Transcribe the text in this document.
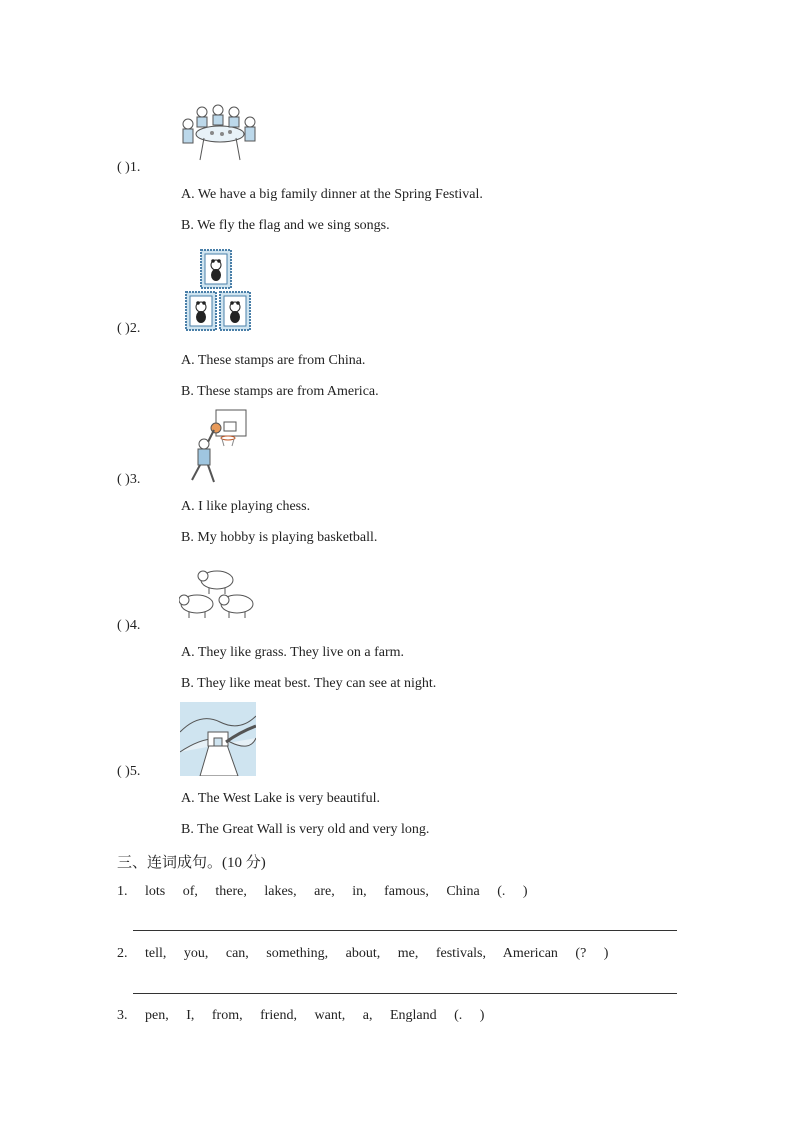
( )1.
A. We have a big family dinner at the Spring Festival.
B. We fly the flag and we sing songs.
( )2.
A. These stamps are from China.
B. These stamps are from America.
( )3.
A. I like playing chess.
B. My hobby is playing basketball.
( )4.
A. They like grass. They live on a farm.
B. They like meat best. They can see at night.
( )5.
A. The West Lake is very beautiful.
B. The Great Wall is very old and very long.
三、连词成句。(10 分)
1. lots of, there, lakes, are, in, famous, China (. )
2. tell, you, can, something, about, me, festivals, American (? )
3. pen, I, from, friend, want, a, England (. )
